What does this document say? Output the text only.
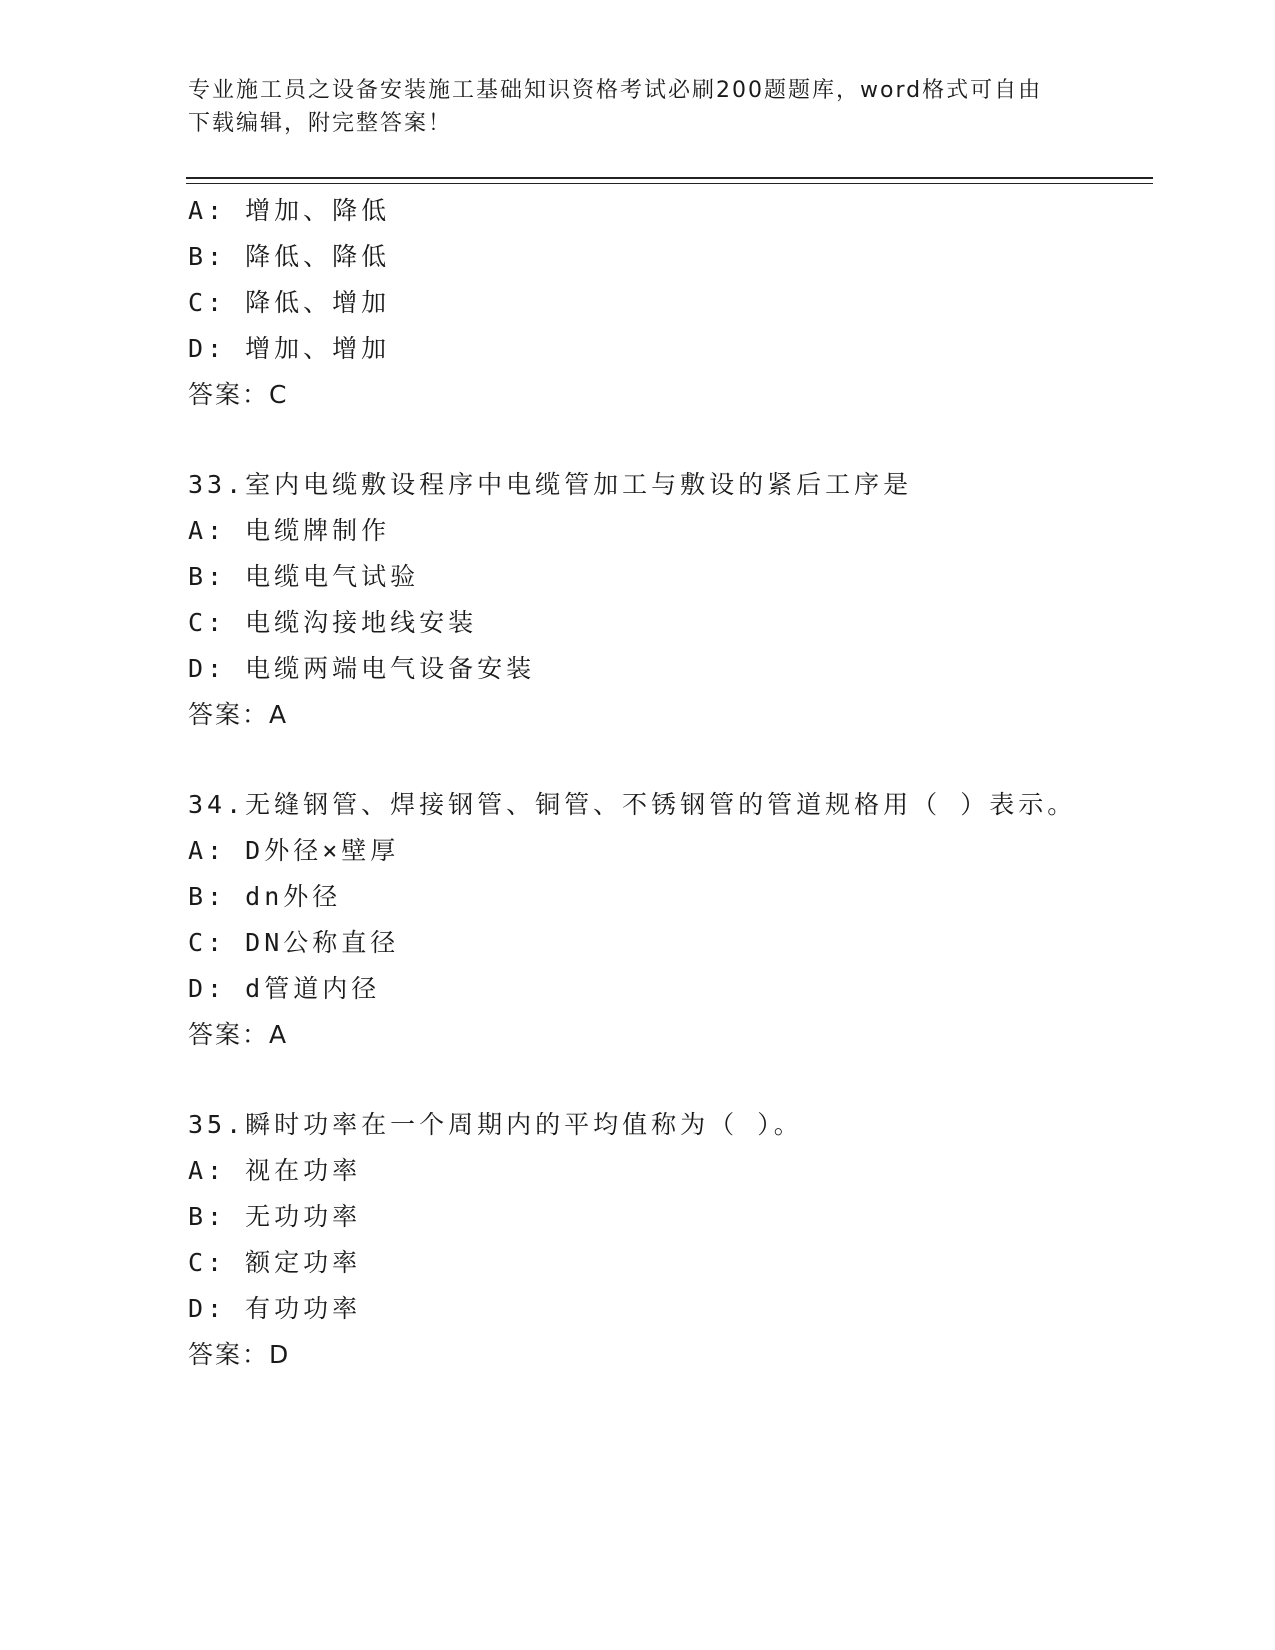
专业施工员之设备安装施工基础知识资格考试必刷200题题库，word格式可自由
下载编辑，附完整答案！
A: 增加、降低
B: 降低、降低
C: 降低、增加
D: 增加、增加
答案：C
33.室内电缆敷设程序中电缆管加工与敷设的紧后工序是
A: 电缆牌制作
B: 电缆电气试验
C: 电缆沟接地线安装
D: 电缆两端电气设备安装
答案：A
34.无缝钢管、焊接钢管、铜管、不锈钢管的管道规格用（ ）表示。
A: D外径×壁厚
B: dn外径
C: DN公称直径
D: d管道内径
答案：A
35.瞬时功率在一个周期内的平均值称为（ ）。
A: 视在功率
B: 无功功率
C: 额定功率
D: 有功功率
答案：D
